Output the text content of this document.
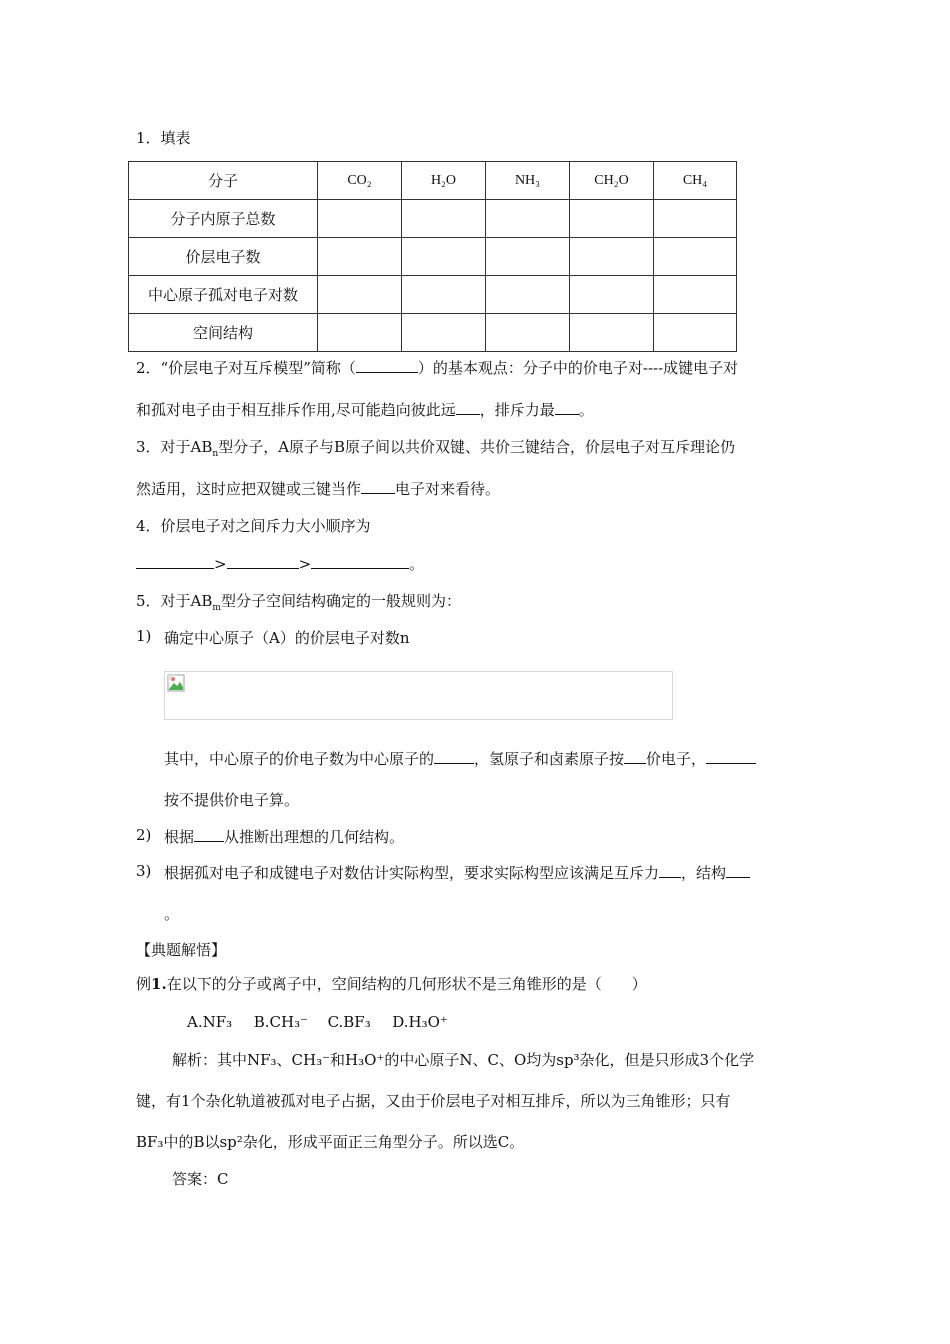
1．填表
分子	CO₂	H₂O	NH₃	CH₂O	CH₄
分子内原子总数					
价层电子数					
中心原子孤对电子对数					
空间结构					
2．“价层电子对互斥模型”简称（	）的基本观点：分子中的价电子对----成键电子对
和孤对电子由于相互排斥作用,尽可能趋向彼此远 ，排斥力最 。
3．对于$AB_n$型分子，A原子与B原子间以共价双键、共价三键结合，价层电子对互斥理论仍
然适用，这时应把双键或三键当作 电子对来看待。
4．价层电子对之间斥力大小顺序为
>	>	。
5．对于$AB_m$型分子空间结构确定的一般规则为：
1) 确定中心原子（A）的价层电子对数n
其中，中心原子的价电子数为中心原子的	，氢原子和卤素原子按 价电子，
按不提供价电子算。
2) 根据 从推断出理想的几何结构。
3) 根据孤对电子和成键电子对数估计实际构型，要求实际构型应该满足互斥力 ，结构
。
【典题解悟】
例1.在以下的分子或离子中，空间结构的几何形状不是三角锥形的是（　　）
A.NF₃ B.CH₃⁻ C.BF₃ D.H₃O⁺
解析：其中NF₃、CH₃⁻和H₃O⁺的中心原子N、C、O均为sp³杂化，但是只形成3个化学
键，有1个杂化轨道被孤对电子占据，又由于价层电子对相互排斥，所以为三角锥形；只有
BF₃中的B以sp²杂化，形成平面正三角型分子。所以选C。
答案：C
